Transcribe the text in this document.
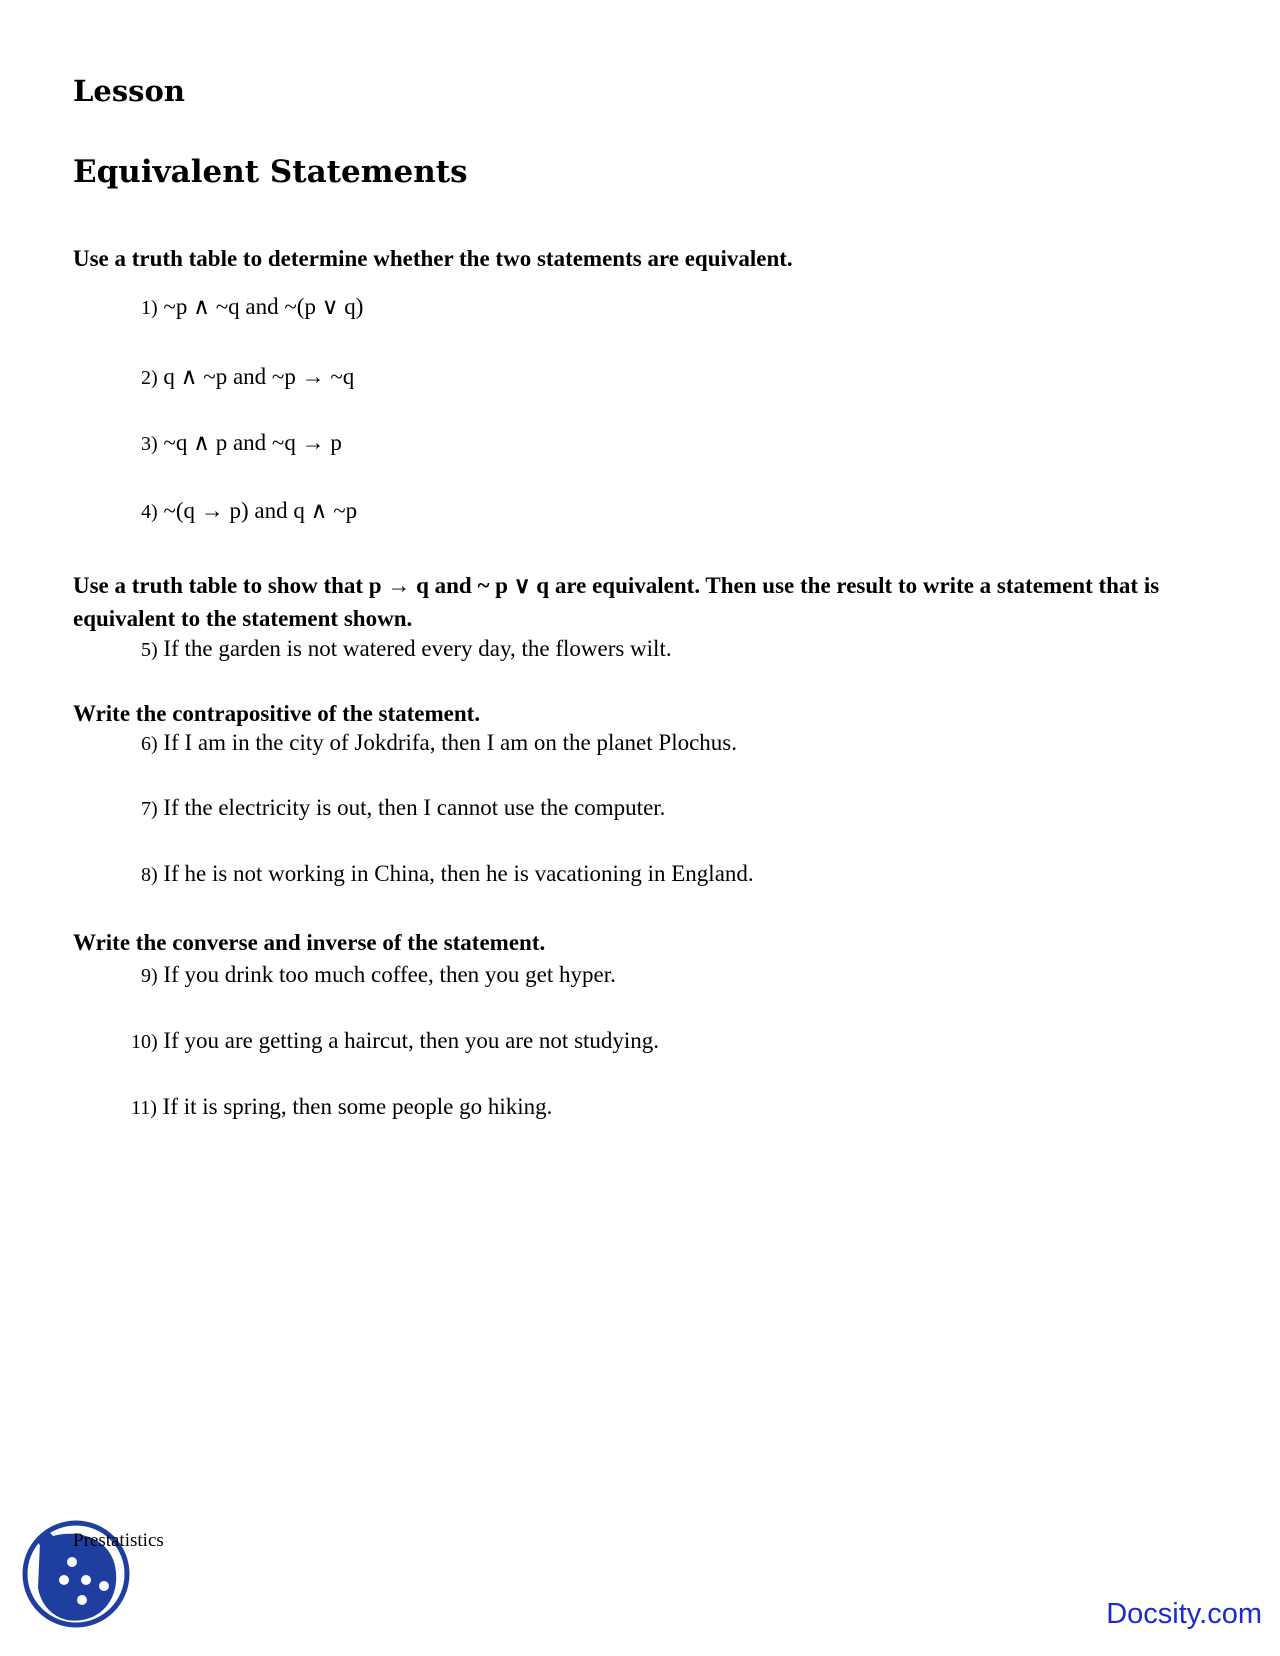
Lesson
Equivalent Statements
Use a truth table to determine whether the two statements are equivalent.
1) ~p ∧ ~q and ~(p ∨ q)
2) q ∧ ~p and ~p → ~q
3) ~q ∧ p and ~q → p
4) ~(q → p) and q ∧ ~p
Use a truth table to show that p → q and ~ p ∨ q are equivalent. Then use the result to write a statement that is equivalent to the statement shown.
5) If the garden is not watered every day, the flowers wilt.
Write the contrapositive of the statement.
6) If I am in the city of Jokdrifa, then I am on the planet Plochus.
7) If the electricity is out, then I cannot use the computer.
8) If he is not working in China, then he is vacationing in England.
Write the converse and inverse of the statement.
9) If you drink too much coffee, then you get hyper.
10) If you are getting a haircut, then you are not studying.
11) If it is spring, then some people go hiking.
Prestatistics
Docsity.com
